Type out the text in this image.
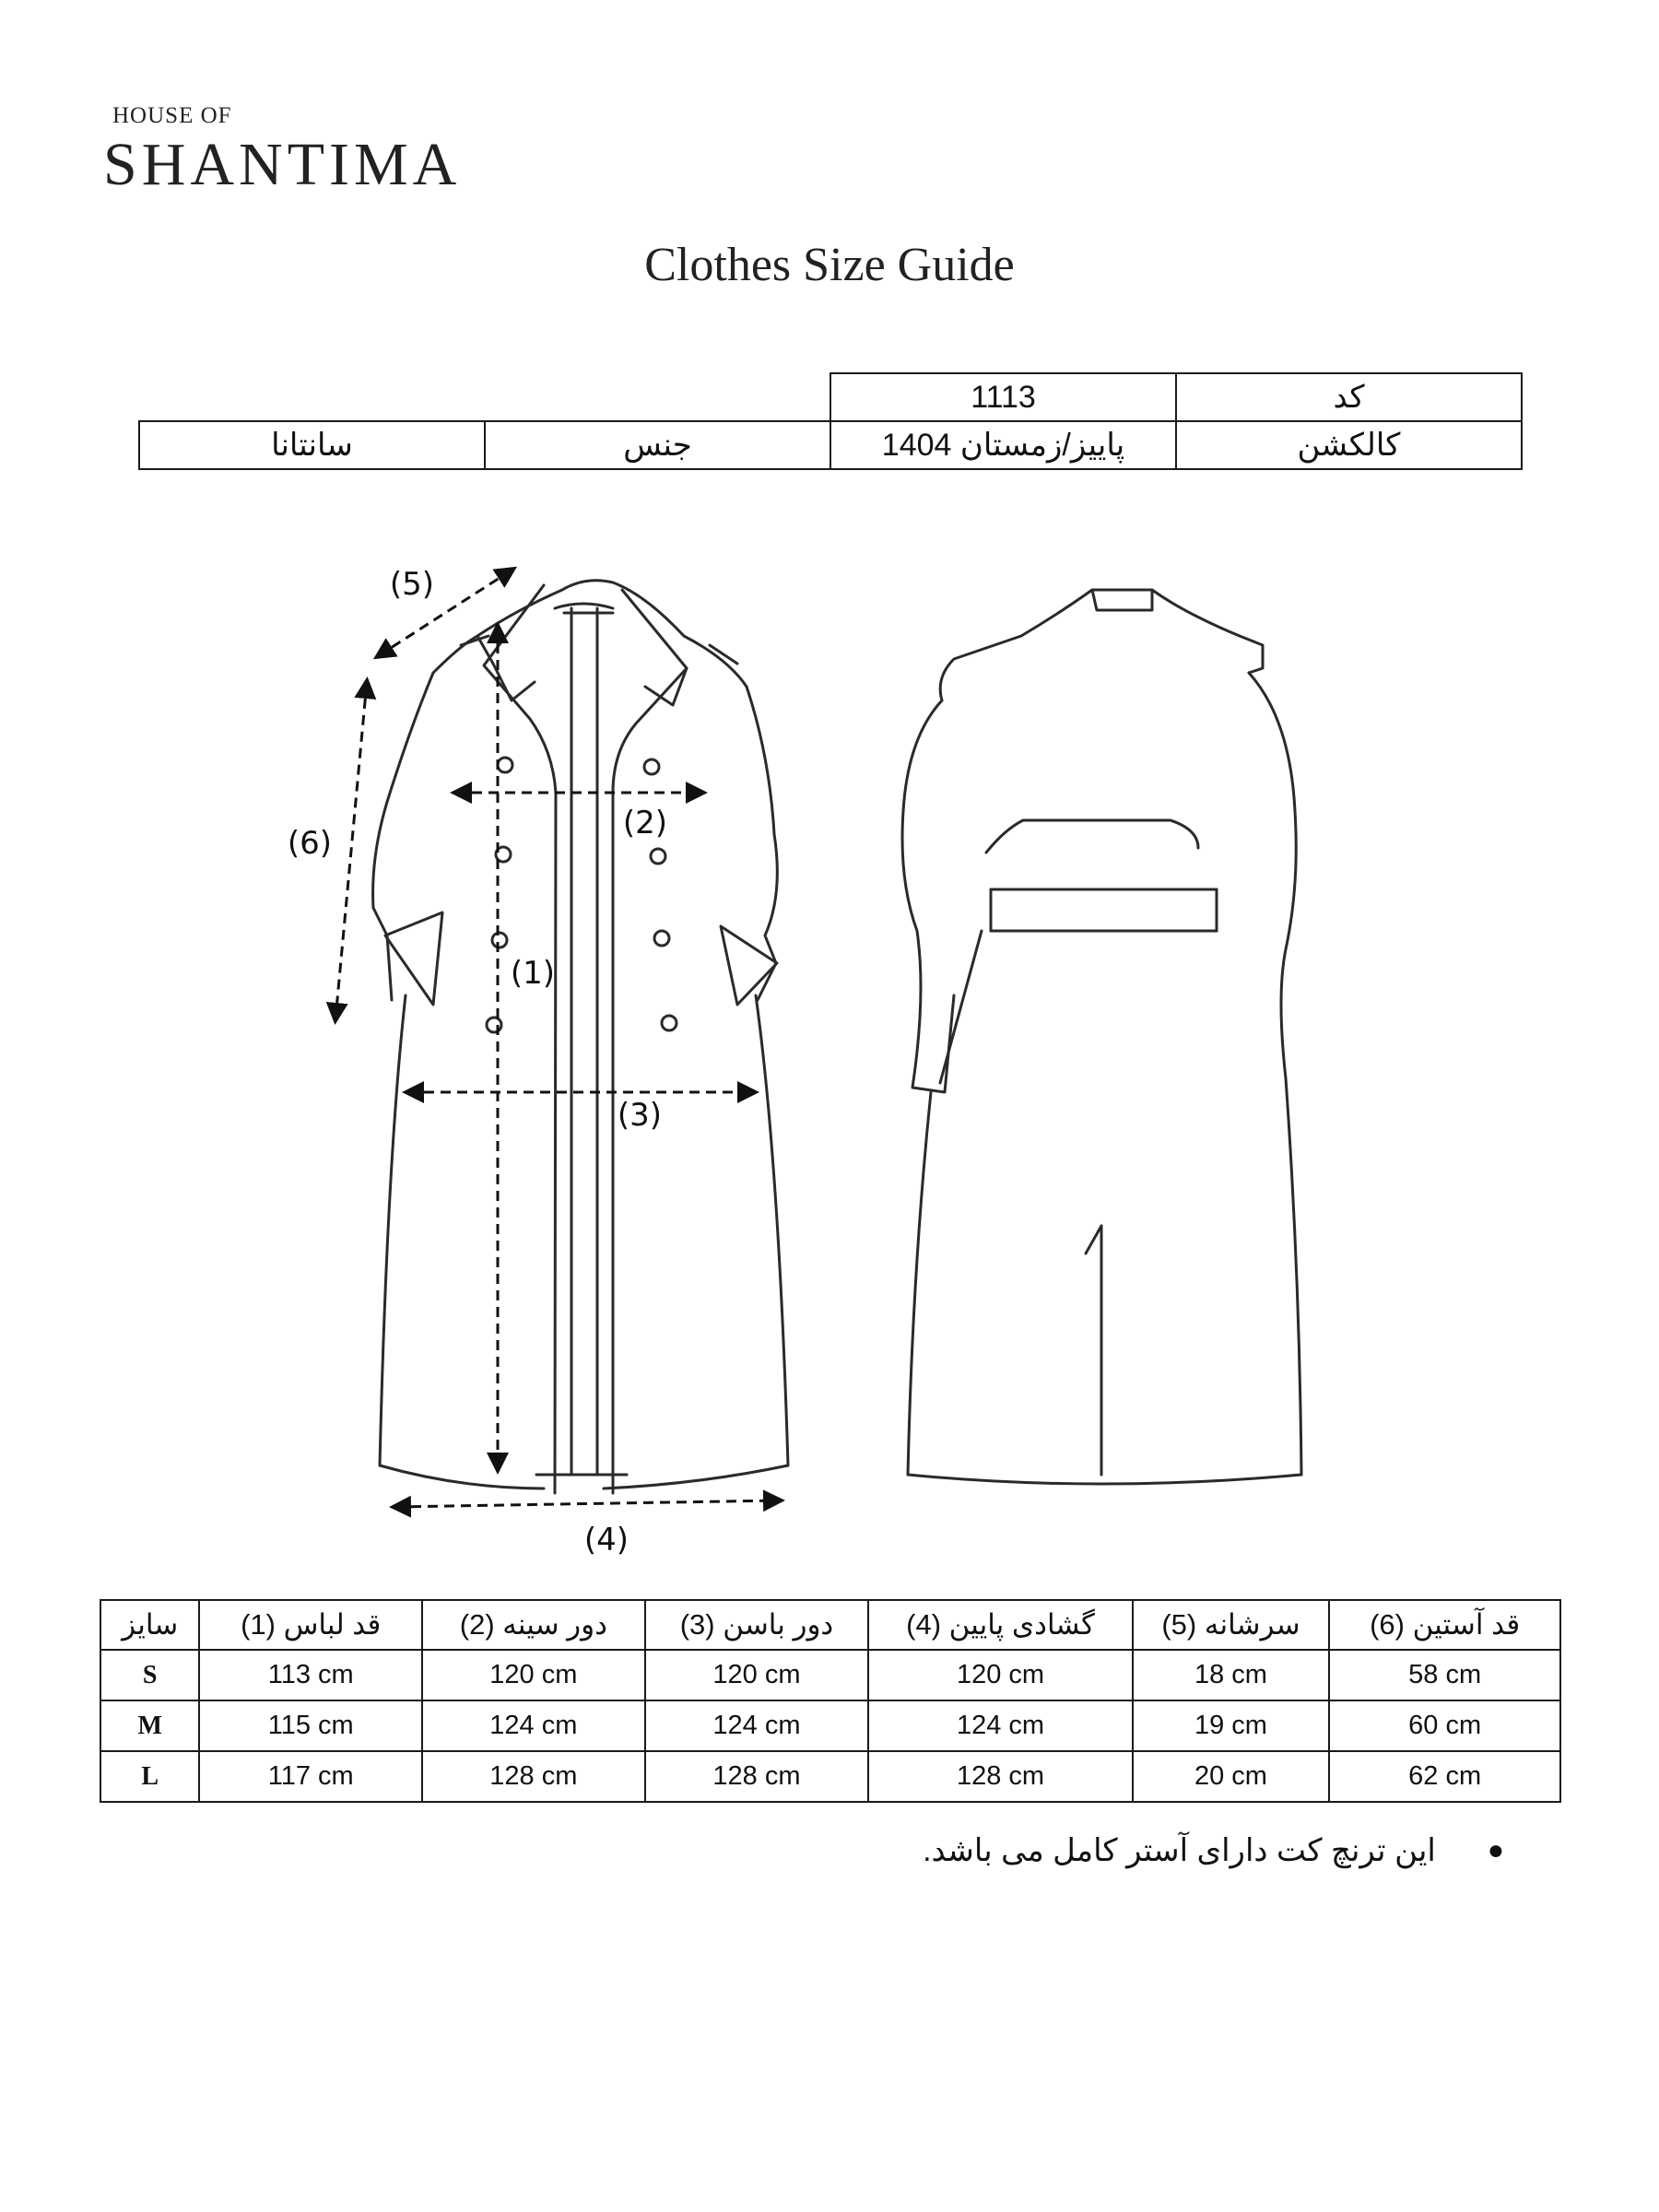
HOUSE OF
SHANTIMA
Clothes Size Guide
		1113	کد
سانتانا	جنس	پاییز/زمستان 1404	کالکشن
(1)
(2)
(3)
(4)
(5)
(6)
سایز	(1) قد لباس	(2) دور سینه	(3) دور باسن	(4) گشادی پایین	(5) سرشانه	(6) قد آستین
S	113 cm	120 cm	120 cm	120 cm	18 cm	58 cm
M	115 cm	124 cm	124 cm	124 cm	19 cm	60 cm
L	117 cm	128 cm	128 cm	128 cm	20 cm	62 cm
●
این ترنچ کت دارای آستر کامل می باشد.
